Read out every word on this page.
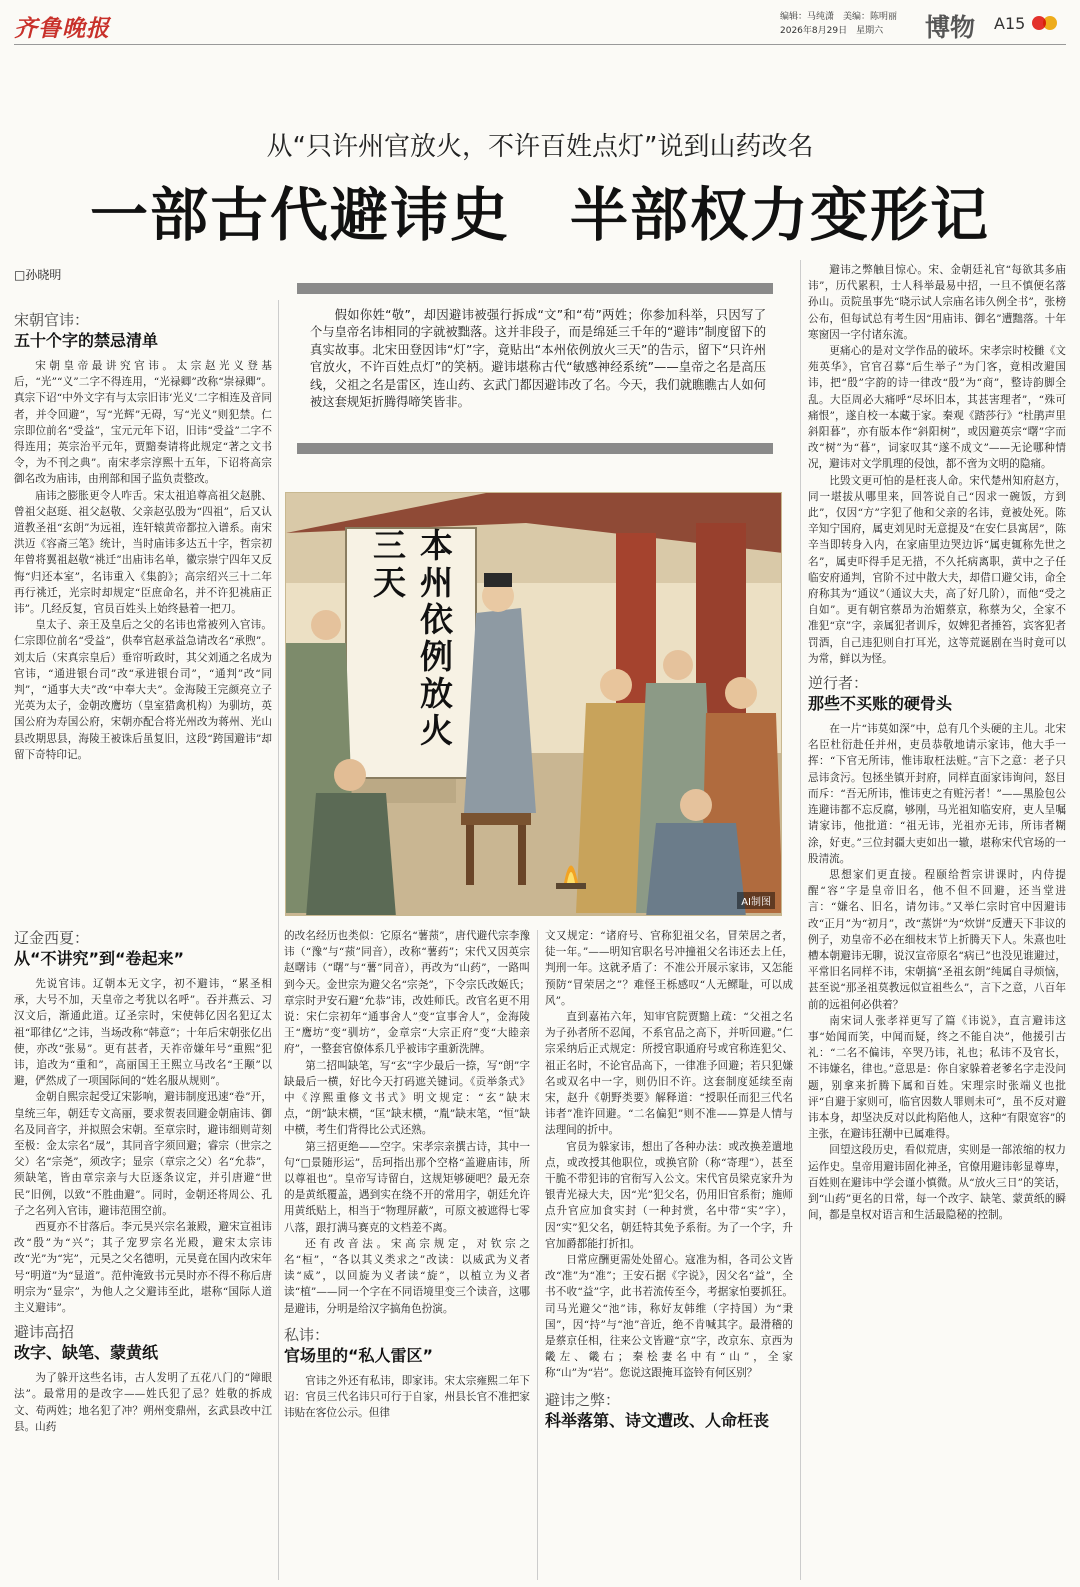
齐鲁晚报	编辑：马纯潇　美编：陈明丽
2026年8月29日　星期六	博物 A15
从“只许州官放火，不许百姓点灯”说到山药改名
一部古代避讳史　半部权力变形记
□孙晓明
宋朝官讳：
五十个字的禁忌清单

宋朝皇帝最讲究官讳。太宗赵光义登基后，“光”“义”二字不得连用，“光禄卿”改称“崇禄卿”。真宗下诏“中外文字有与太宗旧讳‘光义’二字相连及音同者，并令回避”，写“光辉”无碍，写“光义”则犯禁。仁宗即位前名“受益”，宝元元年下诏，旧讳“受益”二字不得连用；英宗治平元年，贾黯奏请将此规定“著之文书令，为不刊之典”。南宋孝宗淳熙十五年，下诏将高宗御名改为庙讳，由刑部和国子监负责整改。

庙讳之膨胀更令人咋舌。宋太祖追尊高祖父赵朓、曾祖父赵珽、祖父赵敬、父亲赵弘殷为“四祖”，后又认道教圣祖“玄朗”为远祖，连轩辕黄帝都拉入谱系。南宋洪迈《容斋三笔》统计，当时庙讳多达五十字，哲宗初年曾将翼祖赵敬“祧迁”出庙讳名单，徽宗崇宁四年又反悔“归还本室”，名讳重入《集韵》；高宗绍兴三十二年再行祧迁，光宗时却规定“臣庶命名，并不许犯祧庙正讳”。几经反复，官员百姓头上始终悬着一把刀。

皇太子、亲王及皇后之父的名讳也常被列入官讳。仁宗即位前名“受益”，供奉官赵承益急请改名“承煦”。刘太后（宋真宗皇后）垂帘听政时，其父刘通之名成为官讳，“通进银台司”改“承进银台司”，“通判”改“同判”，“通事大夫”改“中奉大夫”。金海陵王完颜亮立子光英为太子，金朝改鹰坊（皇室猎禽机构）为驯坊，英国公府为寿国公府，宋朝亦配合将光州改为蒋州、光山县改期思县，海陵王被诛后虽复旧，这段“跨国避讳”却留下奇特印记。

辽金西夏：
从“不讲究”到“卷起来”

先说官讳。辽朝本无文字，初不避讳，“累圣相承，大号不加，天皇帝之考犹以名呼”。吞并燕云、习汉文后，渐通此道。辽圣宗时，宋使韩亿因名犯辽太祖“耶律亿”之讳，当场改称“韩意”；十年后宋朝张亿出使，亦改“张易”。更有甚者，天祚帝嫌年号“重熙”犯讳，追改为“重和”，高丽国王王熙立马改名“王颙”以避，俨然成了一项国际间的“姓名服从规则”。

金朝自熙宗起受辽宋影响，避讳制度迅速“卷”开，皇统三年，朝廷专文高丽，要求贺表回避金朝庙讳、御名及同音字，并拟照会宋朝。至章宗时，避讳细则苛刻至极：金太宗名“晟”，其同音字须回避；睿宗（世宗之父）名“宗尧”，须改字；显宗（章宗之父）名“允恭”，须缺笔，皆由章宗亲与大臣逐条议定，并引唐避“世民”旧例，以致“不胜曲避”。同时，金朝还将周公、孔子之名列入官讳，避讳范围空前。

西夏亦不甘落后。李元昊兴宗名兼殿，避宋宣祖讳改“殷”为“兴”；其子宠罗宗名光殿，避宋太宗讳改“光”为“宪”，元昊之父名德明，元昊竟在国内改宋年号“明道”为“显道”。范仲淹致书元昊时亦不得不称后唐明宗为“显宗”，为他人之父避讳至此，堪称“国际人道主义避讳”。

避讳高招
改字、缺笔、蒙黄纸

为了躲开这些名讳，古人发明了五花八门的“障眼法”。最常用的是改字——姓氏犯了忌？姓敬的拆成文、苟两姓；地名犯了冲？朔州变鼎州，玄武县改中江县。山药

假如你姓“敬”，却因避讳被强行拆成“文”和“苟”两姓；你参加科举，只因写了个与皇帝名讳相同的字就被黜落。这并非段子，而是绵延三千年的“避讳”制度留下的真实故事。北宋田登因讳“灯”字，竟贴出“本州依例放火三天”的告示，留下“只许州官放火，不许百姓点灯”的笑柄。避讳堪称古代“敏感神经系统”——皇帝之名是高压线，父祖之名是雷区，连山药、玄武门都因避讳改了名。今天，我们就瞧瞧古人如何被这套规矩折腾得啼笑皆非。

本州依例放火三天
AI制图

的改名经历也类似：它原名“薯蓣”，唐代避代宗李豫讳（“豫”与“蓣”同音），改称“薯药”；宋代又因英宗赵曙讳（“曙”与“薯”同音），再改为“山药”，一路叫到今天。金世宗为避父名“宗尧”，下令宗氏改姬氏；章宗时尹安石避“允恭”讳，改姓师氏。改官名更不用说：宋仁宗初年“通事舍人”变“宣事舍人”，金海陵王“鹰坊”变“驯坊”，金章宗“大宗正府”变“大睦亲府”，一整套官僚体系几乎被讳字重新洗牌。

第二招叫缺笔，写“玄”字少最后一捺，写“朗”字缺最后一横，好比今天打码遮关键词。《贡举条式》中《淳熙重修文书式》明文规定：“玄”缺末点，“朗”缺末横，“匡”缺末横，“胤”缺末笔，“恒”缺中横，考生们背得比公式还熟。

第三招更绝——空字。宋孝宗亲撰古诗，其中一句“□景随形运”，岳珂指出那个空格“盖避庙讳，所以尊祖也”。皇帝写诗留白，这规矩够硬吧？最无奈的是黄纸覆盖，遇到实在绕不开的常用字，朝廷允许用黄纸贴上，相当于“物理屏蔽”，可原文被遮得七零八落，跟打满马赛克的文档差不离。

还有改音法。宋高宗规定，对钦宗之名“桓”，“各以其义类求之”改读：以威武为义者读“威”，以回旋为义者读“旋”，以植立为义者读“植”——同一个字在不同语境里变三个读音，这哪是避讳，分明是给汉字搞角色扮演。

私讳：
官场里的“私人雷区”

官讳之外还有私讳，即家讳。宋太宗雍熙二年下诏：官员三代名讳只可行于自家，州县长官不准把家讳贴在客位公示。但律

文又规定：“诸府号、官称犯祖父名，冒荣居之者，徒一年。”——明知官职名号冲撞祖父名讳还去上任，判刑一年。这就矛盾了：不准公开展示家讳，又怎能预防“冒荣居之”？难怪王栎感叹“人无鳏耻，可以成风”。

直到嘉祐六年，知审官院贾黯上疏：“父祖之名为子孙者所不忍闻，不系官品之高下，并听回避。”仁宗采纳后正式规定：所授官职通府号或官称连犯父、祖正名时，不论官品高下，一律准予回避；若只犯嫌名或双名中一字，则仍旧不许。这套制度延续至南宋，赵升《朝野类要》解释道：“授职任而犯三代名讳者”准许回避。“二名偏犯”则不准——算是人情与法理间的折中。

官员为躲家讳，想出了各种办法：或改换差遣地点，或改授其他职位，或换官阶（称“寄理”），甚至干脆不带犯讳的官衔写入公文。宋代官员梁克家升为银青光禄大夫，因“光”犯父名，仍用旧官系衔；施师点升官应加食实封（一种封赏，名中带“实”字），因“实”犯父名，朝廷特其免予系衔。为了一个字，升官加爵都能打折扣。

日常应酬更需处处留心。寇准为相，各司公文皆改“准”为“准”；王安石据《字说》，因父名“益”，全书不收“益”字，此书若流传至今，考据家怕要抓狂。司马光避父“池”讳，称好友韩维（字持国）为“秉国”，因“持”与“池”音近，绝不肯喊其字。最滑稽的是蔡京任相，往来公文皆避“京”字，改京东、京西为畿左、畿右；秦桧妻名中有“山”，全家称“山”为“岩”。您说这跟掩耳盗铃有何区别？

避讳之弊：
科举落第、诗文遭改、人命枉丧

避讳之弊触目惊心。宋、金朝廷礼官“每欲其多庙讳”，历代累积，士人科举最易中招，一旦不慎便名落孙山。贡院虽事先“晓示试人宗庙名讳久例全书”，张榜公布，但每试总有考生因“用庙讳、御名”遭黜落。十年寒窗因一字付诸东流。

更痛心的是对文学作品的破坏。宋孝宗时校雠《文苑英华》，官官召募“后生举子”为门客，竟相改避国讳，把“殷”字韵的诗一律改“殷”为“商”，整诗韵脚全乱。大臣周必大痛呼“尽坏旧本，其甚害理者”，“殊可痛恨”，遂自校一本藏于家。秦观《踏莎行》“杜鹃声里斜阳暮”，亦有版本作“斜阳树”，或因避英宗“曙”字而改“树”为“暮”，词家叹其“遂不成文”——无论哪种情况，避讳对文学肌理的侵蚀，都不啻为文明的隐痛。

比毁文更可怕的是枉丧人命。宋代楚州知府赵方，同一堪拔从哪里来，回答说自己“因求一碗饭，方到此”，仅因“方”字犯了他和父亲的名讳，竟被处死。陈辛知宁国府，属吏刘见时无意提及“在安仁县寓居”，陈辛当即转身入内，在家庙里边哭边诉“属吏辄称先世之名”，属吏吓得手足无措，不久托病离职，黄中之子任临安府通判，官阶不过中散大夫，却借口避父讳，命全府称其为“通议”（通议大夫，高了好几阶），而他“受之自如”。更有朝官蔡昂为治媚蔡京，称蔡为父，全家不准犯“京”字，亲属犯者训斥，奴婢犯者捶笞，宾客犯者罚酒，自己违犯则自打耳光，这等荒诞剧在当时竟可以为常，鲜以为怪。

逆行者：
那些不买账的硬骨头

在一片“讳莫如深”中，总有几个头硬的主儿。北宋名臣杜衍赴任并州，吏员恭敬地请示家讳，他大手一挥：“下官无所讳，惟讳取枉法赃。”言下之意：老子只忌讳贪污。包拯坐镇开封府，同样直面家讳询问，怒目而斥：“吾无所讳，惟讳吏之有赃污者！”——黑脸包公连避讳都不忘反腐，够刚，马光祖知临安府，吏人呈嘱请家讳，他批道：“祖无讳，光祖亦无讳，所讳者糊涂，好吏。”三位封疆大吏如出一辙，堪称宋代官场的一股清流。

思想家们更直接。程颐给哲宗讲课时，内侍提醒“容”字是皇帝旧名，他不但不回避，还当堂进言：“嫌名、旧名，请勿讳。”又举仁宗时官中因避讳改“正月”为“初月”，改“蒸饼”为“炊饼”反遭天下非议的例子，劝皇帝不必在细枝末节上折腾天下人。朱熹也吐槽本朝避讳无聊，说汉宣帝原名“病已”也没见谁避过，平常旧名同样不讳，宋朝搞“圣祖玄朗”纯属自寻烦恼，甚至说“那圣祖莫教远似宣祖些么”，言下之意，八百年前的远祖何必供着？

南宋词人张孝祥更写了篇《讳说》，直言避讳这事“始闻而笑，中闻而疑，终之不能自决”，他援引古礼：“二名不偏讳，卒哭乃讳，礼也；私讳不及官长，不讳嫌名，律也。”意思是：你自家躲着老爹名字走没问题，别拿来折腾下属和百姓。宋理宗时张端义也批评“自避于家则可，临官因数人罪则未可”，虽不反对避讳本身，却坚决反对以此构陷他人，这种“有限宽容”的主张，在避讳狂潮中已属难得。

回望这段历史，看似荒唐，实则是一部浓缩的权力运作史。皇帝用避讳固化神圣，官僚用避讳彰显尊卑，百姓则在避讳中学会谨小慎微。从“放火三日”的笑话，到“山药”更名的日常，每一个改字、缺笔、蒙黄纸的瞬间，都是皇权对语言和生活最隐秘的控制。
